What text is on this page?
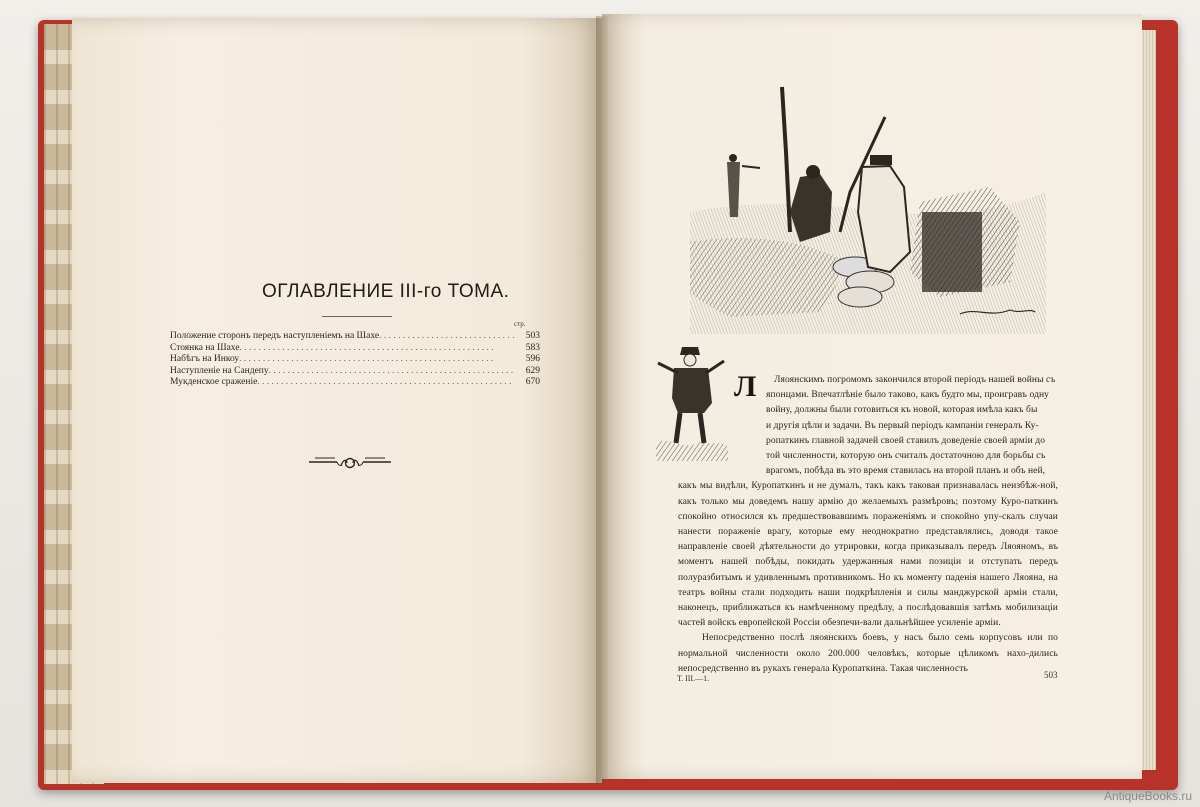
ОГЛАВЛЕНИЕ III-го ТОМА.
стр.
Положение сторонъ передъ наступленiемъ на Шахе . . .	503
Стоянка на Шахе . . .	583
Набѣгъ на Инкоу . . .	596
Наступленiе на Сандепу . . .	629
Мукденское сраженiе . . .	670	Л	Ляоянскимъ погромомъ закончился второй перiодъ нашей войны съ

японцами. Впечатлѣнiе было таково, какъ будто мы, проигравъ одну

войну, должны были готовиться къ новой, которая имѣла какъ бы

и другiя цѣли и задачи. Въ первый перiодъ кампанiи генералъ Ку-

ропаткинъ главной задачей своей ставилъ доведенiе своей армiи до

той численности, которую онъ считалъ достаточною для борьбы съ

врагомъ, побѣда въ это время ставилась на второй планъ и объ ней,

какъ мы видѣли, Куропаткинъ и не думалъ, такъ какъ таковая признавалась неизбѣж-ной, какъ только мы доведемъ нашу армiю до желаемыхъ размѣровъ; поэтому Куро-паткинъ спокойно относился къ предшествовавшимъ пораженiямъ и спокойно упу-скалъ случаи нанести пораженiе врагу, которые ему неоднократно представлялись, доводя такое направленiе своей дѣятельности до утрировки, когда приказывалъ передъ Ляояномъ, въ моментъ нашей побѣды, покидать удержанныя нами позицiи и отступать передъ полуразбитымъ и удивленнымъ противникомъ. Но къ моменту паденiя нашего Ляояна, на театръ войны стали подходить наши подкрѣпленiя и силы манджурской армiи стали, наконецъ, приближаться къ намѣченному предѣлу, а послѣдовавшiя затѣмъ мобилизацiи частей войскъ европейской Россiи обезпечи-вали дальнѣйшее усиленiе армiи.

Непосредственно послѣ ляоянскихъ боевъ, у насъ было семь корпусовъ или по нормальной численности около 200.000 человѣкъ, которые цѣликомъ нахо-дились непосредственно въ рукахъ генерала Куропаткина. Такая численность

Т. III.—1.	503
AntiqueBooks.ru
